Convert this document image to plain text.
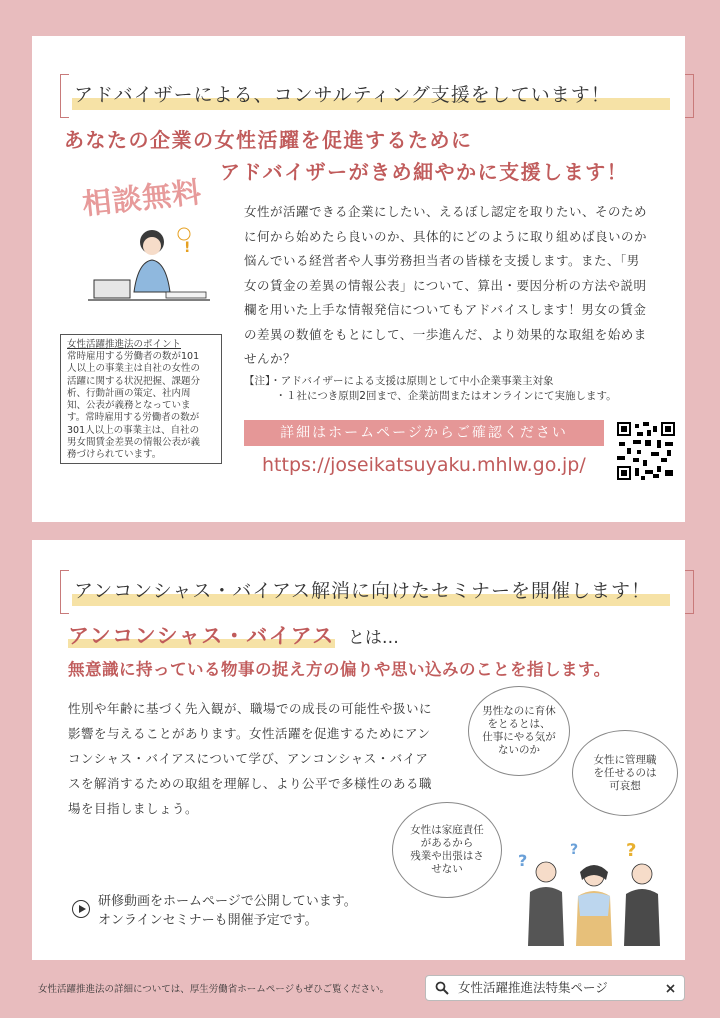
アドバイザーによる、コンサルティング支援をしています！
あなたの企業の女性活躍を促進するために
アドバイザーがきめ細やかに支援します！
相談無料
!
女性が活躍できる企業にしたい、えるぼし認定を取りたい、そのため
に何から始めたら良いのか、具体的にどのように取り組めば良いのか
悩んでいる経営者や人事労務担当者の皆様を支援します。また、「男
女の賃金の差異の情報公表」について、算出・要因分析の方法や説明
欄を用いた上手な情報発信についてもアドバイスします！男女の賃金
の差異の数値をもとにして、一歩進んだ、より効果的な取組を始めま
せんか？
女性活躍推進法のポイント
常時雇用する労働者の数が101
人以上の事業主は自社の女性の
活躍に関する状況把握、課題分
析、行動計画の策定、社内周
知、公表が義務となっていま
す。常時雇用する労働者の数が
301人以上の事業主は、自社の
男女間賃金差異の情報公表が義
務づけられています。
【注】・アドバイザーによる支援は原則として中小企業事業主対象
　　　・１社につき原則2回まで、企業訪問またはオンラインにて実施します。
詳細はホームページからご確認ください
https://joseikatsuyaku.mhlw.go.jp/
アンコンシャス・バイアス解消に向けたセミナーを開催します！
アンコンシャス・バイアス とは…
無意識に持っている物事の捉え方の偏りや思い込みのことを指します。
性別や年齢に基づく先入観が、職場での成長の可能性や扱いに
影響を与えることがあります。女性活躍を促進するためにアン
コンシャス・バイアスについて学び、アンコンシャス・バイア
スを解消するための取組を理解し、より公平で多様性のある職
場を目指しましょう。
男性なのに育休
をとるとは、
仕事にやる気が
ないのか
女性に管理職
を任せるのは
可哀想
女性は家庭責任
があるから
残業や出張はさ
せない	?
?	?
研修動画をホームページで公開しています。
オンラインセミナーも開催予定です。
女性活躍推進法の詳細については、厚生労働省ホームページもぜひご覧ください。	女性活躍推進法特集ページ
